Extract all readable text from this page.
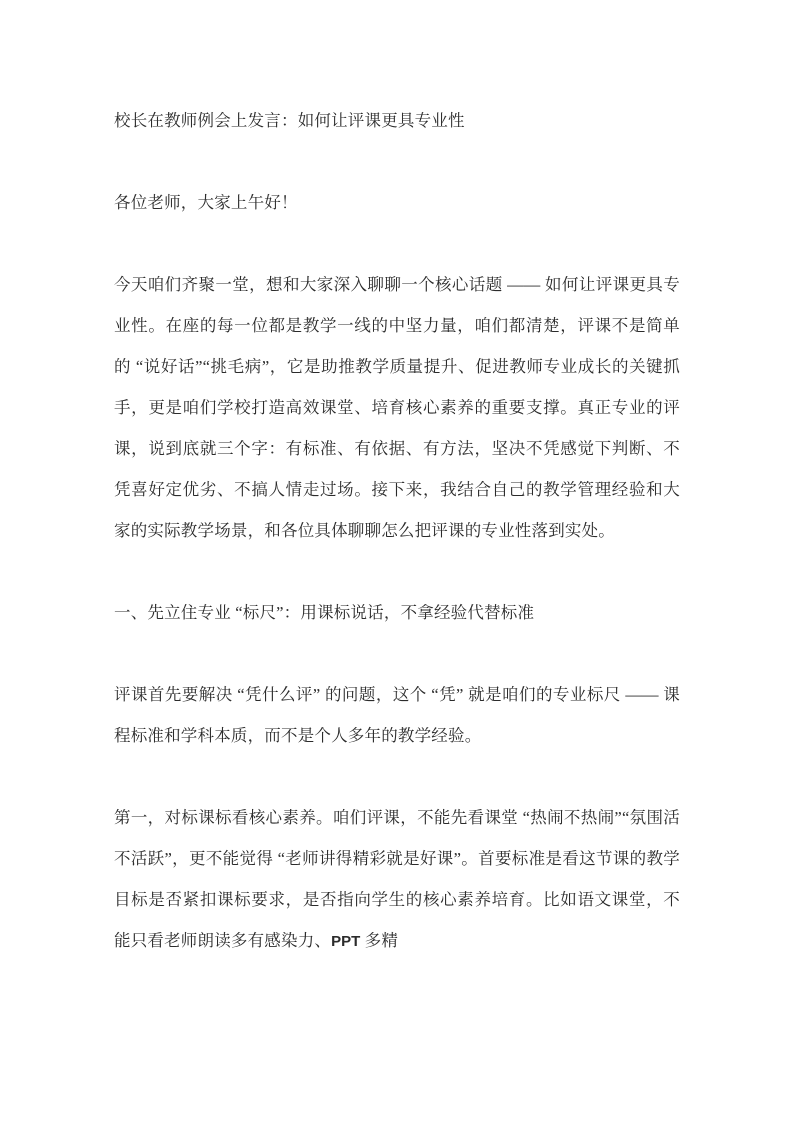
校长在教师例会上发言：如何让评课更具专业性

各位老师，大家上午好！

今天咱们齐聚一堂，想和大家深入聊聊一个核心话题 —— 如何让评课更具专业性。在座的每一位都是教学一线的中坚力量，咱们都清楚，评课不是简单的 “说好话”“挑毛病”，它是助推教学质量提升、促进教师专业成长的关键抓手，更是咱们学校打造高效课堂、培育核心素养的重要支撑。真正专业的评课，说到底就三个字：有标准、有依据、有方法，坚决不凭感觉下判断、不凭喜好定优劣、不搞人情走过场。接下来，我结合自己的教学管理经验和大家的实际教学场景，和各位具体聊聊怎么把评课的专业性落到实处。

一、先立住专业 “标尺”：用课标说话，不拿经验代替标准

评课首先要解决 “凭什么评” 的问题，这个 “凭” 就是咱们的专业标尺 —— 课程标准和学科本质，而不是个人多年的教学经验。

第一，对标课标看核心素养。咱们评课，不能先看课堂 “热闹不热闹”“氛围活不活跃”，更不能觉得 “老师讲得精彩就是好课”。首要标准是看这节课的教学目标是否紧扣课标要求，是否指向学生的核心素养培育。比如语文课堂，不能只看老师朗读多有感染力、PPT 多精
